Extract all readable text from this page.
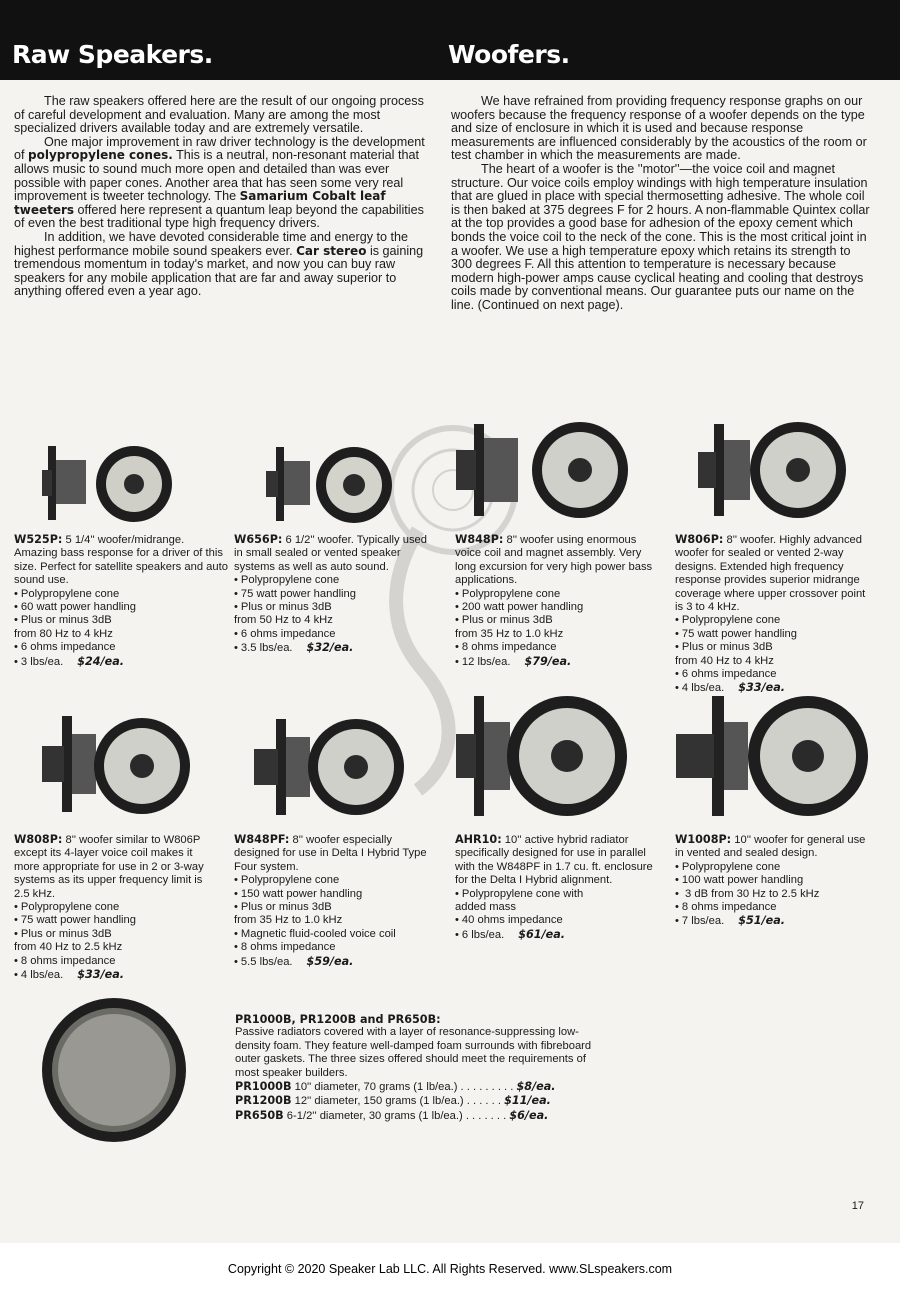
Raw Speakers.	Woofers.

The raw speakers offered here are the result of our ongoing process of careful development and evaluation. Many are among the most specialized drivers available today and are extremely versatile.

One major improvement in raw driver technology is the development of polypropylene cones. This is a neutral, non-resonant material that allows music to sound much more open and detailed than was ever possible with paper cones. Another area that has seen some very real improvement is tweeter technology. The Samarium Cobalt leaf tweeters offered here represent a quantum leap beyond the capabilities of even the best traditional type high frequency drivers.

In addition, we have devoted considerable time and energy to the highest performance mobile sound speakers ever. Car stereo is gaining tremendous momentum in today's market, and now you can buy raw speakers for any mobile application that are far and away superior to anything offered even a year ago.

We have refrained from providing frequency response graphs on our woofers because the frequency response of a woofer depends on the type and size of enclosure in which it is used and because response measurements are influenced considerably by the acoustics of the room or test chamber in which the measurements are made.

The heart of a woofer is the ''motor''—the voice coil and magnet structure. Our voice coils employ windings with high temperature insulation that are glued in place with special thermosetting adhesive. The whole coil is then baked at 375 degrees F for 2 hours. A non-flammable Quintex collar at the top provides a good base for adhesion of the epoxy cement which bonds the voice coil to the neck of the cone. This is the most critical joint in a woofer. We use a high temperature epoxy which retains its strength to 300 degrees F. All this attention to temperature is necessary because modern high-power amps cause cyclical heating and cooling that destroys coils made by conventional means. Our guarantee puts our name on the line. (Continued on next page).

W525P: 5 1/4'' woofer/midrange. Amazing bass response for a driver of this size. Perfect for satellite speakers and auto sound use.
• Polypropylene cone
• 60 watt power handling
• Plus or minus 3dB
from 80 Hz to 4 kHz
• 6 ohms impedance
• 3 lbs/ea. $24/ea.
W656P: 6 1/2'' woofer. Typically used in small sealed or vented speaker systems as well as auto sound.
• Polypropylene cone
• 75 watt power handling
• Plus or minus 3dB
from 50 Hz to 4 kHz
• 6 ohms impedance
• 3.5 lbs/ea. $32/ea.
W848P: 8'' woofer using enormous voice coil and magnet assembly. Very long excursion for very high power bass applications.
• Polypropylene cone
• 200 watt power handling
• Plus or minus 3dB
from 35 Hz to 1.0 kHz
• 8 ohms impedance
• 12 lbs/ea. $79/ea.
W806P: 8'' woofer. Highly advanced woofer for sealed or vented 2-way designs. Extended high frequency response provides superior midrange coverage where upper crossover point is 3 to 4 kHz.
• Polypropylene cone
• 75 watt power handling
• Plus or minus 3dB
from 40 Hz to 4 kHz
• 6 ohms impedance
• 4 lbs/ea. $33/ea.
W808P: 8'' woofer similar to W806P except its 4-layer voice coil makes it more appropriate for use in 2 or 3-way systems as its upper frequency limit is 2.5 kHz.
• Polypropylene cone
• 75 watt power handling
• Plus or minus 3dB
from 40 Hz to 2.5 kHz
• 8 ohms impedance
• 4 lbs/ea. $33/ea.
W848PF: 8'' woofer especially designed for use in Delta I Hybrid Type Four system.
• Polypropylene cone
• 150 watt power handling
• Plus or minus 3dB
from 35 Hz to 1.0 kHz
• Magnetic fluid-cooled voice coil
• 8 ohms impedance
• 5.5 lbs/ea. $59/ea.
AHR10: 10'' active hybrid radiator specifically designed for use in parallel with the W848PF in 1.7 cu. ft. enclosure for the Delta I Hybrid alignment.
• Polypropylene cone with
added mass
• 40 ohms impedance
• 6 lbs/ea. $61/ea.
W1008P: 10'' woofer for general use in vented and sealed design.
• Polypropylene cone
• 100 watt power handling
• 3 dB from 30 Hz to 2.5 kHz
• 8 ohms impedance
• 7 lbs/ea. $51/ea.
PR1000B, PR1200B and PR650B:
Passive radiators covered with a layer of resonance-suppressing low-density foam. They feature well-damped foam surrounds with fibreboard outer gaskets. The three sizes offered should meet the requirements of most speaker builders.
PR1000B 10'' diameter, 70 grams (1 lb/ea.) . . . . . . . . . $8/ea.
PR1200B 12'' diameter, 150 grams (1 lb/ea.) . . . . . . $11/ea.
PR650B 6-1/2'' diameter, 30 grams (1 lb/ea.) . . . . . . . $6/ea.
17
Copyright © 2020 Speaker Lab LLC. All Rights Reserved. www.SLspeakers.com
